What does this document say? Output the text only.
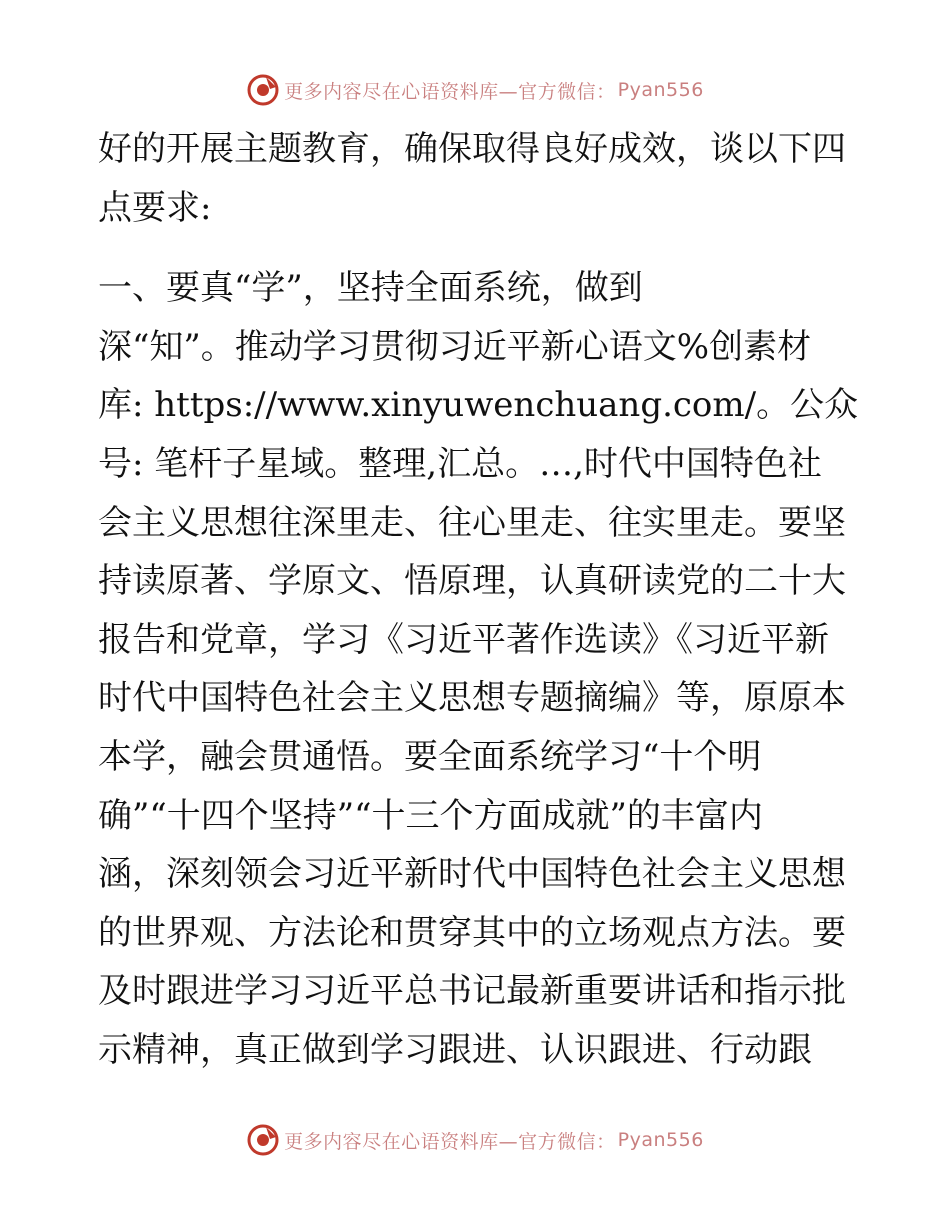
更多内容尽在心语资料库—官方微信： Pyan556
好的开展主题教育，确保取得良好成效，谈以下四
点要求:
一、要真“学”，坚持全面系统，做到
深“知”。推动学习贯彻习近平新心语文%创素材
库: https://www.xinyuwenchuang.com/。公众
号: 笔杆子星域。整理,汇总。…,时代中国特色社
会主义思想往深里走、往心里走、往实里走。要坚
持读原著、学原文、悟原理，认真研读党的二十大
报告和党章，学习《习近平著作选读》《习近平新
时代中国特色社会主义思想专题摘编》等，原原本
本学，融会贯通悟。要全面系统学习“十个明
确”“十四个坚持”“十三个方面成就”的丰富内
涵，深刻领会习近平新时代中国特色社会主义思想
的世界观、方法论和贯穿其中的立场观点方法。要
及时跟进学习习近平总书记最新重要讲话和指示批
示精神，真正做到学习跟进、认识跟进、行动跟
更多内容尽在心语资料库—官方微信： Pyan556
